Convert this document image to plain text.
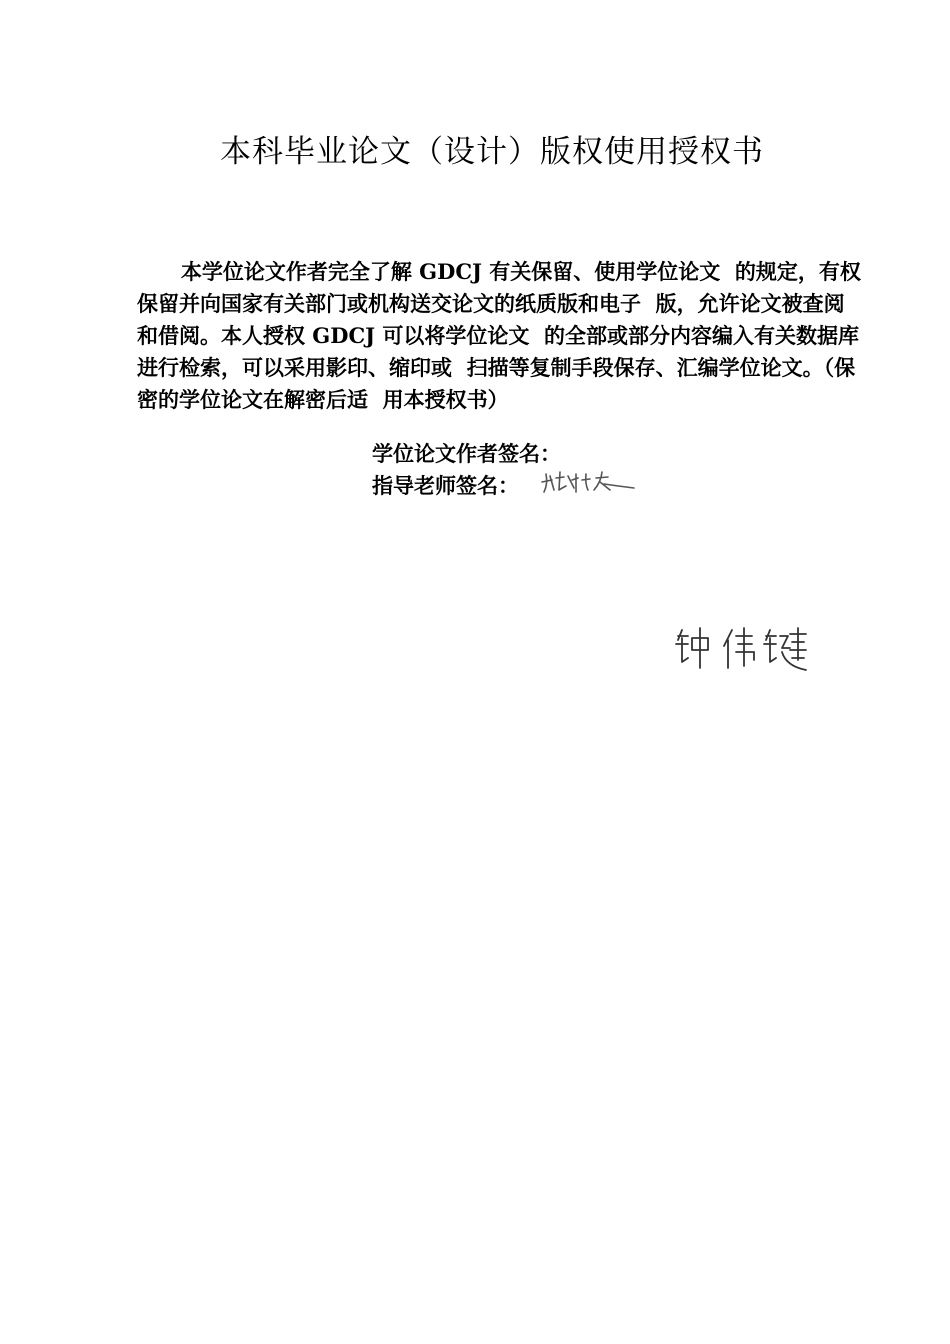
本科毕业论文（设计）版权使用授权书

本学位论文作者完全了解 GDCJ 有关保留、使用学位论文  的规定，有权保留并向国家有关部门或机构送交论文的纸质版和电子  版，允许论文被查阅和借阅。本人授权 GDCJ 可以将学位论文  的全部或部分内容编入有关数据库进行检索，可以采用影印、缩印或  扫描等复制手段保存、汇编学位论文。（保密的学位论文在解密后适  用本授权书）

学位论文作者签名：
指导老师签名：
